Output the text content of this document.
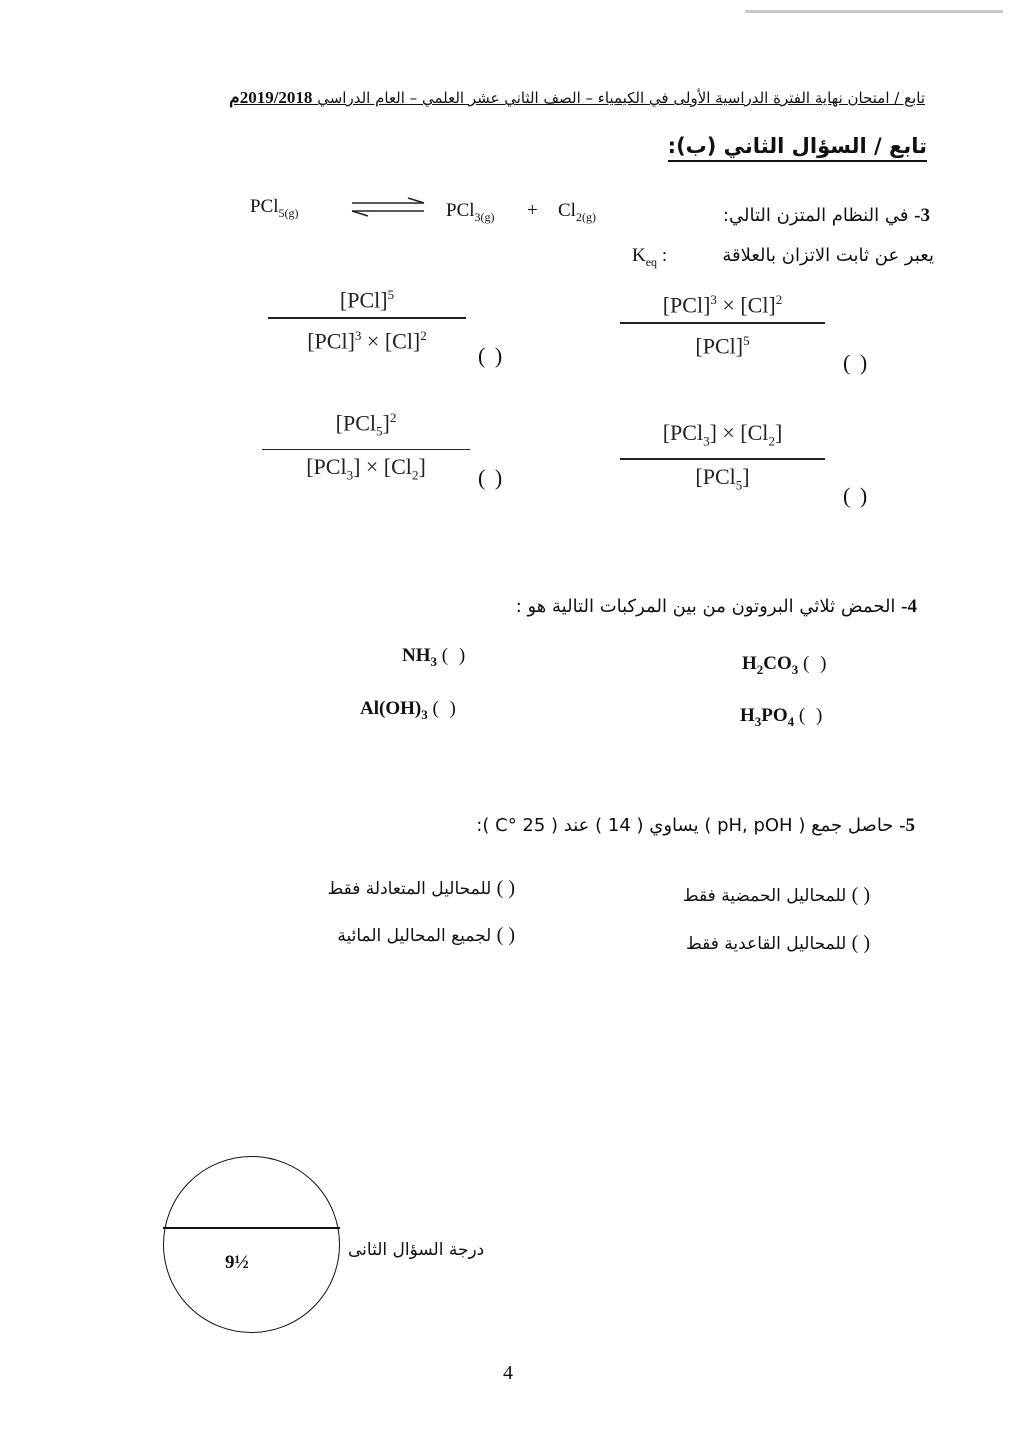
تابع / امتحان نهاية الفترة الدراسية الأولى في الكيمياء – الصف الثاني عشر العلمي – العام الدراسي 2019/2018م
تابع / السؤال الثاني (ب):
3- في النظام المتزن التالي:
يعبر عن ثابت الاتزان بالعلاقة
$K_{eq}$ :
PCl$_{5(g)}$	$PCl_{3(g)} + Cl_{2(g)}$
$[PCl]^3 \times [Cl]^2$
[PCl]$^5$
( )
[PCl]$^5$
$[PCl]^3 \times [Cl]^2$
( )
$[PCl_3] \times [Cl_2]$
[PCl$_5$]
( )
$[PCl_5]^2$
$[PCl_3] \times [Cl_2]$	( )
4- الحمض ثلاثي البروتون من بين المركبات التالية هو :
$H_2CO_3$ ( )
$NH_3$ ( )
$H_3PO_4$ ( )
$Al(OH)_3$ ( )
5- حاصل جمع ( pH, pOH ) يساوي ( 14 ) عند ( 25 °C ):
( ) للمحاليل الحمضية فقط
( ) للمحاليل المتعادلة فقط
( ) للمحاليل القاعدية فقط
( ) لجميع المحاليل المائية
9½
درجة السؤال الثانى
4
